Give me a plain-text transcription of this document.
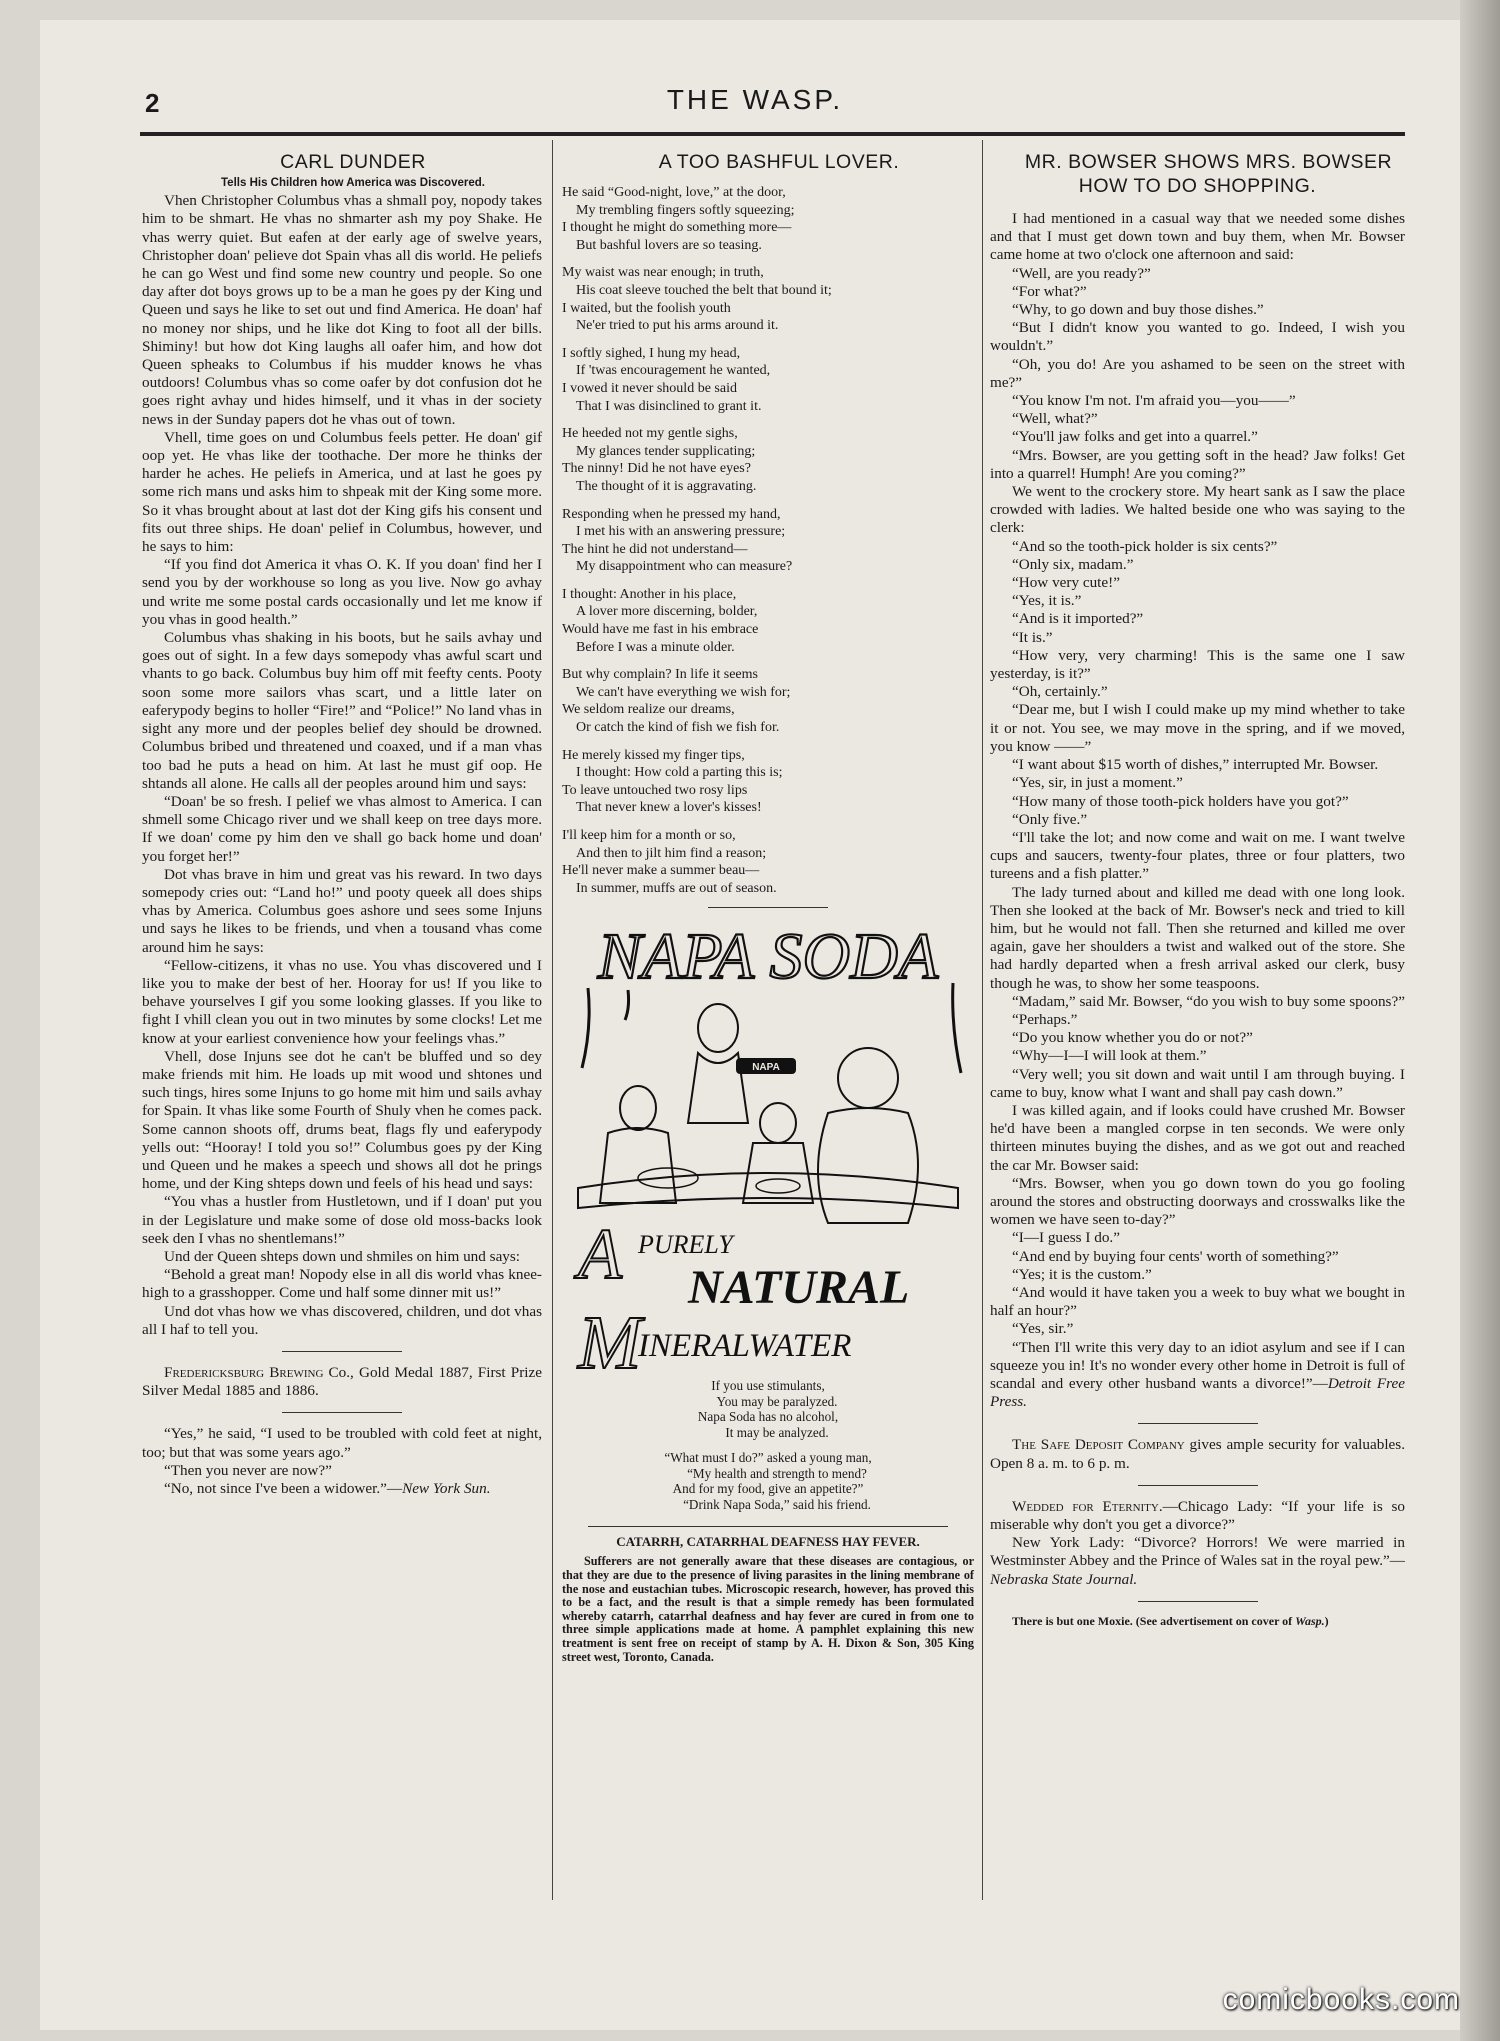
2	THE WASP.

CARL DUNDER

Tells His Children how America was Discovered.

Vhen Christopher Columbus vhas a shmall poy, nopody takes him to be shmart. He vhas no shmarter ash my poy Shake. He vhas werry quiet. But eafen at der early age of swelve years, Christopher doan' pelieve dot Spain vhas all dis world. He peliefs he can go West und find some new country und people. So one day after dot boys grows up to be a man he goes py der King und Queen und says he like to set out und find America. He doan' haf no money nor ships, und he like dot King to foot all der bills. Shiminy! but how dot King laughs all oafer him, and how dot Queen spheaks to Columbus if his mudder knows he vhas outdoors! Columbus vhas so come oafer by dot confusion dot he goes right avhay und hides himself, und it vhas in der society news in der Sunday papers dot he vhas out of town.

Vhell, time goes on und Columbus feels petter. He doan' gif oop yet. He vhas like der toothache. Der more he thinks der harder he aches. He peliefs in America, und at last he goes py some rich mans und asks him to shpeak mit der King some more. So it vhas brought about at last dot der King gifs his consent und fits out three ships. He doan' pelief in Columbus, however, und he says to him:

“If you find dot America it vhas O. K. If you doan' find her I send you by der workhouse so long as you live. Now go avhay und write me some postal cards occasionally und let me know if you vhas in good health.”

Columbus vhas shaking in his boots, but he sails avhay und goes out of sight. In a few days somepody vhas awful scart und vhants to go back. Columbus buy him off mit feefty cents. Pooty soon some more sailors vhas scart, und a little later on eaferypody begins to holler “Fire!” and “Police!” No land vhas in sight any more und der peoples belief dey should be drowned. Columbus bribed und threatened und coaxed, und if a man vhas too bad he puts a head on him. At last he must gif oop. He shtands all alone. He calls all der peoples around him und says:

“Doan' be so fresh. I pelief we vhas almost to America. I can shmell some Chicago river und we shall keep on tree days more. If we doan' come py him den ve shall go back home und doan' you forget her!”

Dot vhas brave in him und great vas his reward. In two days somepody cries out: “Land ho!” und pooty queek all does ships vhas by America. Columbus goes ashore und sees some Injuns und says he likes to be friends, und vhen a tousand vhas come around him he says:

“Fellow-citizens, it vhas no use. You vhas discovered und I like you to make der best of her. Hooray for us! If you like to behave yourselves I gif you some looking glasses. If you like to fight I vhill clean you out in two minutes by some clocks! Let me know at your earliest convenience how your feelings vhas.”

Vhell, dose Injuns see dot he can't be bluffed und so dey make friends mit him. He loads up mit wood und shtones und such tings, hires some Injuns to go home mit him und sails avhay for Spain. It vhas like some Fourth of Shuly vhen he comes pack. Some cannon shoots off, drums beat, flags fly und eaferypody yells out: “Hooray! I told you so!” Columbus goes py der King und Queen und he makes a speech und shows all dot he prings home, und der King shteps down und feels of his head und says:

“You vhas a hustler from Hustletown, und if I doan' put you in der Legislature und make some of dose old moss-backs look seek den I vhas no shentlemans!”

Und der Queen shteps down und shmiles on him und says:

“Behold a great man! Nopody else in all dis world vhas knee-high to a grasshopper. Come und half some dinner mit us!”

Und dot vhas how we vhas discovered, children, und dot vhas all I haf to tell you.

Fredericksburg Brewing Co., Gold Medal 1887, First Prize Silver Medal 1885 and 1886.

“Yes,” he said, “I used to be troubled with cold feet at night, too; but that was some years ago.”

“Then you never are now?”

“No, not since I've been a widower.”—New York Sun.

A TOO BASHFUL LOVER.

He said “Good-night, love,” at the door,
My trembling fingers softly squeezing;
I thought he might do something more—
But bashful lovers are so teasing.
My waist was near enough; in truth,
His coat sleeve touched the belt that bound it;
I waited, but the foolish youth
Ne'er tried to put his arms around it.
I softly sighed, I hung my head,
If 'twas encouragement he wanted,
I vowed it never should be said
That I was disinclined to grant it.
He heeded not my gentle sighs,
My glances tender supplicating;
The ninny! Did he not have eyes?
The thought of it is aggravating.
Responding when he pressed my hand,
I met his with an answering pressure;
The hint he did not understand—
My disappointment who can measure?
I thought: Another in his place,
A lover more discerning, bolder,
Would have me fast in his embrace
Before I was a minute older.
But why complain? In life it seems
We can't have everything we wish for;
We seldom realize our dreams,
Or catch the kind of fish we fish for.
He merely kissed my finger tips,
I thought: How cold a parting this is;
To leave untouched two rosy lips
That never knew a lover's kisses!
I'll keep him for a month or so,
And then to jilt him find a reason;
He'll never make a summer beau—
In summer, muffs are out of season.
NAPA SODA
NAPA
A PURELY
NATURAL
M
INERALWATER
If you use stimulants,
You may be paralyzed.
Napa Soda has no alcohol,
It may be analyzed.
“What must I do?” asked a young man,
“My health and strength to mend?
And for my food, give an appetite?”
“Drink Napa Soda,” said his friend.
CATARRH, CATARRHAL DEAFNESS HAY FEVER.

Sufferers are not generally aware that these diseases are contagious, or that they are due to the presence of living parasites in the lining membrane of the nose and eustachian tubes. Microscopic research, however, has proved this to be a fact, and the result is that a simple remedy has been formulated whereby catarrh, catarrhal deafness and hay fever are cured in from one to three simple applications made at home. A pamphlet explaining this new treatment is sent free on receipt of stamp by A. H. Dixon & Son, 305 King street west, Toronto, Canada.

MR. BOWSER SHOWS MRS. BOWSER HOW TO DO SHOPPING.

I had mentioned in a casual way that we needed some dishes and that I must get down town and buy them, when Mr. Bowser came home at two o'clock one afternoon and said:

“Well, are you ready?”

“For what?”

“Why, to go down and buy those dishes.”

“But I didn't know you wanted to go. Indeed, I wish you wouldn't.”

“Oh, you do! Are you ashamed to be seen on the street with me?”

“You know I'm not. I'm afraid you—you——”

“Well, what?”

“You'll jaw folks and get into a quarrel.”

“Mrs. Bowser, are you getting soft in the head? Jaw folks! Get into a quarrel! Humph! Are you coming?”

We went to the crockery store. My heart sank as I saw the place crowded with ladies. We halted beside one who was saying to the clerk:

“And so the tooth-pick holder is six cents?”

“Only six, madam.”

“How very cute!”

“Yes, it is.”

“And is it imported?”

“It is.”

“How very, very charming! This is the same one I saw yesterday, is it?”

“Oh, certainly.”

“Dear me, but I wish I could make up my mind whether to take it or not. You see, we may move in the spring, and if we moved, you know ——”

“I want about $15 worth of dishes,” interrupted Mr. Bowser.

“Yes, sir, in just a moment.”

“How many of those tooth-pick holders have you got?”

“Only five.”

“I'll take the lot; and now come and wait on me. I want twelve cups and saucers, twenty-four plates, three or four platters, two tureens and a fish platter.”

The lady turned about and killed me dead with one long look. Then she looked at the back of Mr. Bowser's neck and tried to kill him, but he would not fall. Then she returned and killed me over again, gave her shoulders a twist and walked out of the store. She had hardly departed when a fresh arrival asked our clerk, busy though he was, to show her some teaspoons.

“Madam,” said Mr. Bowser, “do you wish to buy some spoons?”

“Perhaps.”

“Do you know whether you do or not?”

“Why—I—I will look at them.”

“Very well; you sit down and wait until I am through buying. I came to buy, know what I want and shall pay cash down.”

I was killed again, and if looks could have crushed Mr. Bowser he'd have been a mangled corpse in ten seconds. We were only thirteen minutes buying the dishes, and as we got out and reached the car Mr. Bowser said:

“Mrs. Bowser, when you go down town do you go fooling around the stores and obstructing doorways and crosswalks like the women we have seen to-day?”

“I—I guess I do.”

“And end by buying four cents' worth of something?”

“Yes; it is the custom.”

“And would it have taken you a week to buy what we bought in half an hour?”

“Yes, sir.”

“Then I'll write this very day to an idiot asylum and see if I can squeeze you in! It's no wonder every other home in Detroit is full of scandal and every other husband wants a divorce!”—Detroit Free Press.

The Safe Deposit Company gives ample security for valuables. Open 8 a. m. to 6 p. m.

Wedded for Eternity.—Chicago Lady: “If your life is so miserable why don't you get a divorce?”

New York Lady: “Divorce? Horrors! We were married in Westminster Abbey and the Prince of Wales sat in the royal pew.”—Nebraska State Journal.

There is but one Moxie. (See advertisement on cover of Wasp.)

comicbooks.com
